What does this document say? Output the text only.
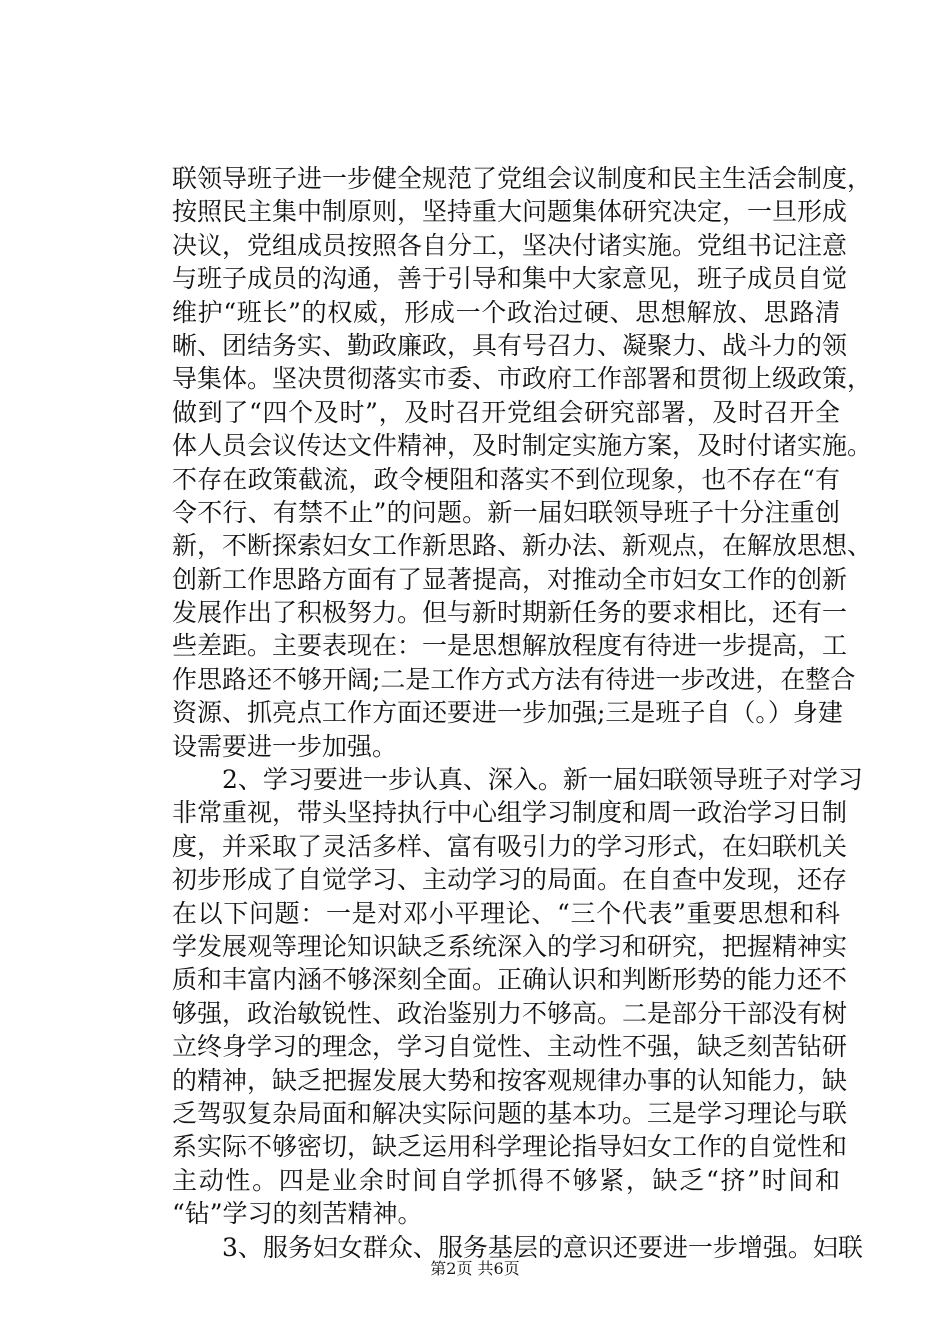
联领导班子进一步健全规范了党组会议制度和民主生活会制度，
按照民主集中制原则，坚持重大问题集体研究决定，一旦形成
决议，党组成员按照各自分工，坚决付诸实施。党组书记注意
与班子成员的沟通，善于引导和集中大家意见，班子成员自觉
维护“班长”的权威，形成一个政治过硬、思想解放、思路清
晰、团结务实、勤政廉政，具有号召力、凝聚力、战斗力的领
导集体。坚决贯彻落实市委、市政府工作部署和贯彻上级政策，
做到了“四个及时”，及时召开党组会研究部署，及时召开全
体人员会议传达文件精神，及时制定实施方案，及时付诸实施。
不存在政策截流，政令梗阻和落实不到位现象，也不存在“有
令不行、有禁不止”的问题。新一届妇联领导班子十分注重创
新，不断探索妇女工作新思路、新办法、新观点，在解放思想、
创新工作思路方面有了显著提高，对推动全市妇女工作的创新
发展作出了积极努力。但与新时期新任务的要求相比，还有一
些差距。主要表现在：一是思想解放程度有待进一步提高，工
作思路还不够开阔;二是工作方式方法有待进一步改进，在整合
资源、抓亮点工作方面还要进一步加强;三是班子自（。）身建
设需要进一步加强。
　　2、学习要进一步认真、深入。新一届妇联领导班子对学习
非常重视，带头坚持执行中心组学习制度和周一政治学习日制
度，并采取了灵活多样、富有吸引力的学习形式，在妇联机关
初步形成了自觉学习、主动学习的局面。在自查中发现，还存
在以下问题：一是对邓小平理论、“三个代表”重要思想和科
学发展观等理论知识缺乏系统深入的学习和研究，把握精神实
质和丰富内涵不够深刻全面。正确认识和判断形势的能力还不
够强，政治敏锐性、政治鉴别力不够高。二是部分干部没有树
立终身学习的理念，学习自觉性、主动性不强，缺乏刻苦钻研
的精神，缺乏把握发展大势和按客观规律办事的认知能力，缺
乏驾驭复杂局面和解决实际问题的基本功。三是学习理论与联
系实际不够密切，缺乏运用科学理论指导妇女工作的自觉性和
主动性。四是业余时间自学抓得不够紧，缺乏“挤”时间和
“钻”学习的刻苦精神。
　　3、服务妇女群众、服务基层的意识还要进一步增强。妇联
第2页 共6页
